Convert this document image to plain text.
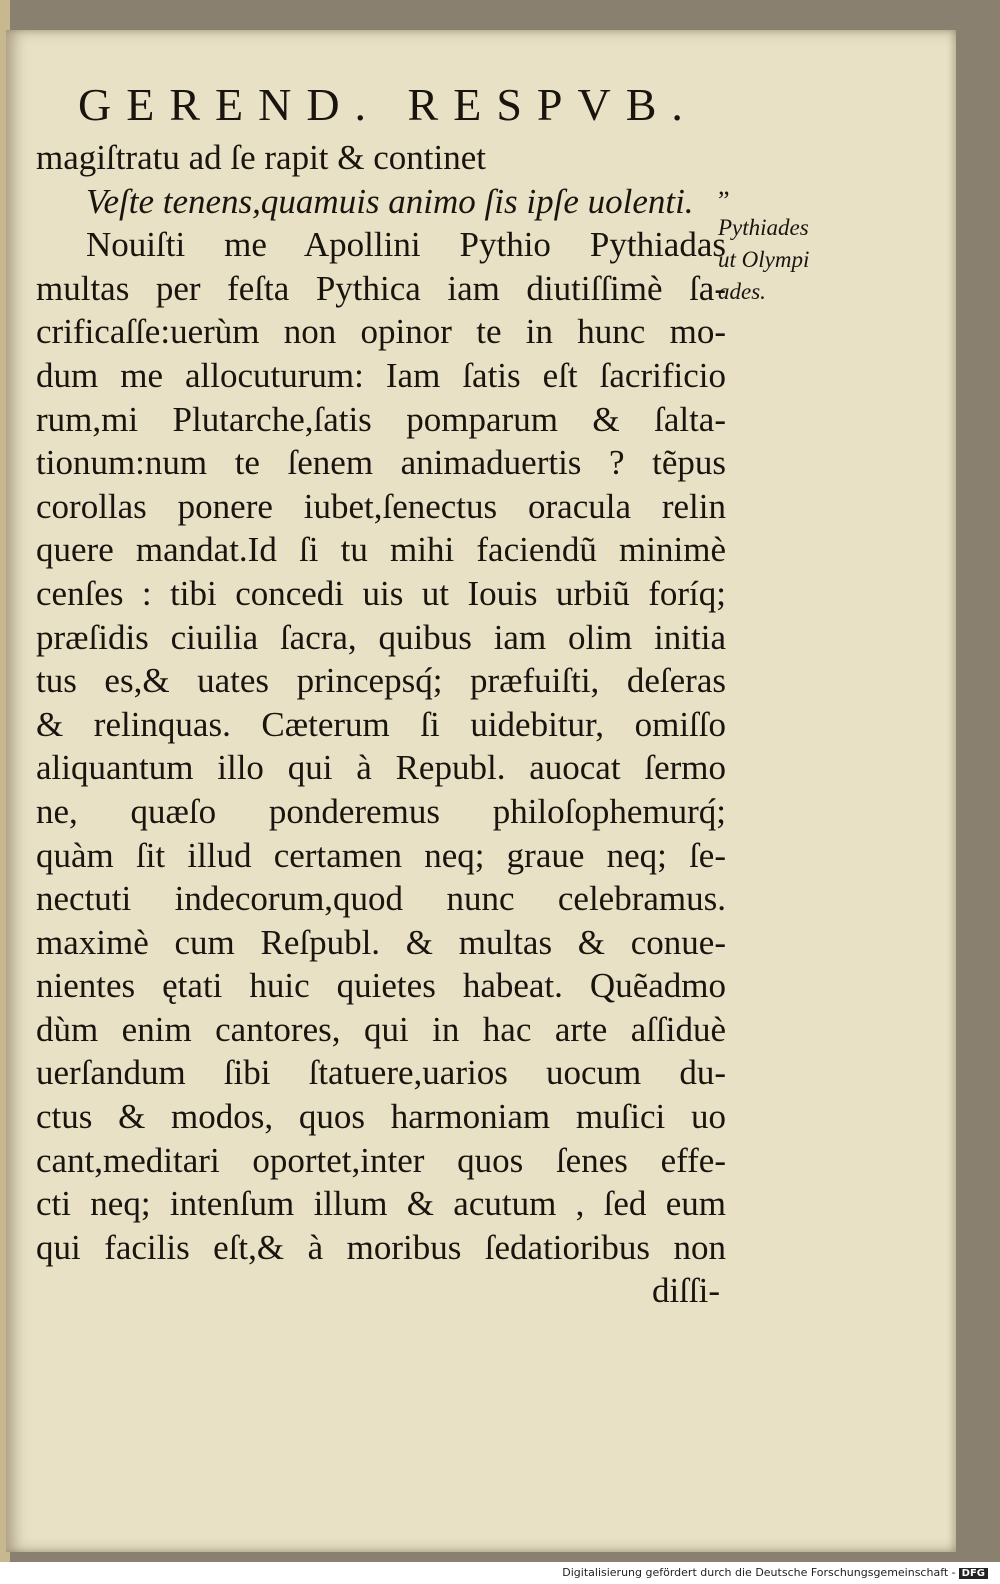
GEREND. RESPVB.
magiſtratu ad ſe rapit & continet
Veſte tenens,quamuis animo ſis ipſe uolenti.
Nouiſti me Apollini Pythio Pythiadas
multas per feſta Pythica iam diutiſſimè ſa-
crificaſſe:uerùm non opinor te in hunc mo-
dum me allocuturum: Iam ſatis eſt ſacrificio
rum,mi Plutarche,ſatis pomparum & ſalta-
tionum:num te ſenem animaduertis ? tẽpus
corollas ponere iubet,ſenectus oracula relin
quere mandat.Id ſi tu mihi faciendũ minimè
cenſes : tibi concedi uis ut Iouis urbiũ foríq;
præſidis ciuilia ſacra, quibus iam olim initia
tus es,& uates princepsq́; præfuiſti, deſeras
& relinquas. Cæterum ſi uidebitur, omiſſo
aliquantum illo qui à Republ. auocat ſermo
ne, quæſo ponderemus philoſophemurq́;
quàm ſit illud certamen neq; graue neq; ſe-
nectuti indecorum,quod nunc celebramus.
maximè cum Reſpubl. & multas & conue-
nientes ętati huic quietes habeat. Quẽadmo
dùm enim cantores, qui in hac arte aſſiduè
uerſandum ſibi ſtatuere,uarios uocum du-
ctus & modos, quos harmoniam muſici uo
cant,meditari oportet,inter quos ſenes effe-
cti neq; intenſum illum & acutum , ſed eum
qui facilis eſt,& à moribus ſedatioribus non
diſſi-
”
Pythiades
ut Olympi
ades.
Digitalisierung gefördert durch die Deutsche Forschungsgemeinschaft - DFG
